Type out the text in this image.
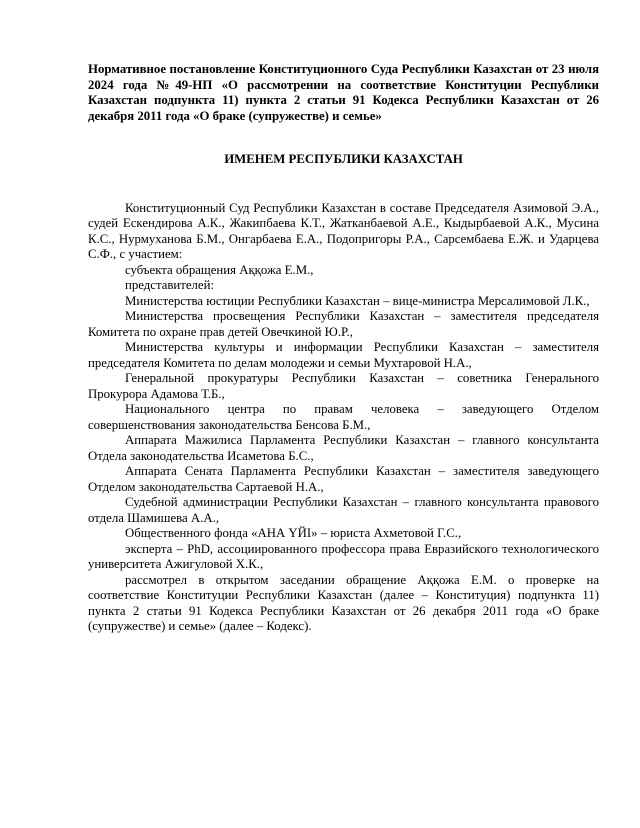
Нормативное постановление Конституционного Суда Республики Казахстан от 23 июля 2024 года №49-НП «О рассмотрении на соответствие Конституции Республики Казахстан подпункта 11) пункта 2 статьи 91 Кодекса Республики Казахстан от 26 декабря 2011 года «О браке (супружестве) и семье»

ИМЕНЕМ РЕСПУБЛИКИ КАЗАХСТАН

Конституционный Суд Республики Казахстан в составе Председателя Азимовой Э.А., судей Ескендирова А.К., Жакипбаева К.Т., Жатканбаевой А.Е., Кыдырбаевой А.К., Мусина К.С., Нурмуханова Б.М., Онгарбаева Е.А., Подопригоры Р.А., Сарсембаева Е.Ж. и Ударцева С.Ф., с участием:

субъекта обращения Аққожа Е.М.,

представителей:

Министерства юстиции Республики Казахстан – вице-министра Мерсалимовой Л.К.,

Министерства просвещения Республики Казахстан – заместителя председателя Комитета по охране прав детей Овечкиной Ю.Р.,

Министерства культуры и информации Республики Казахстан – заместителя председателя Комитета по делам молодежи и семьи Мухтаровой Н.А.,

Генеральной прокуратуры Республики Казахстан – советника Генерального Прокурора Адамова Т.Б.,

Национального центра по правам человека – заведующего Отделом совершенствования законодательства Бенсова Б.М.,

Аппарата Мажилиса Парламента Республики Казахстан – главного консультанта Отдела законодательства Исаметова Б.С.,

Аппарата Сената Парламента Республики Казахстан – заместителя заведующего Отделом законодательства Сартаевой Н.А.,

Судебной администрации Республики Казахстан – главного консультанта правового отдела Шамишева А.А.,

Общественного фонда «АНА ҮЙІ» – юриста Ахметовой Г.С.,

эксперта – PhD, ассоциированного профессора права Евразийского технологического университета Ажигуловой Х.К.,

рассмотрел в открытом заседании обращение Аққожа Е.М. о проверке на соответствие Конституции Республики Казахстан (далее – Конституция) подпункта 11) пункта 2 статьи 91 Кодекса Республики Казахстан от 26 декабря 2011 года «О браке (супружестве) и семье» (далее – Кодекс).
